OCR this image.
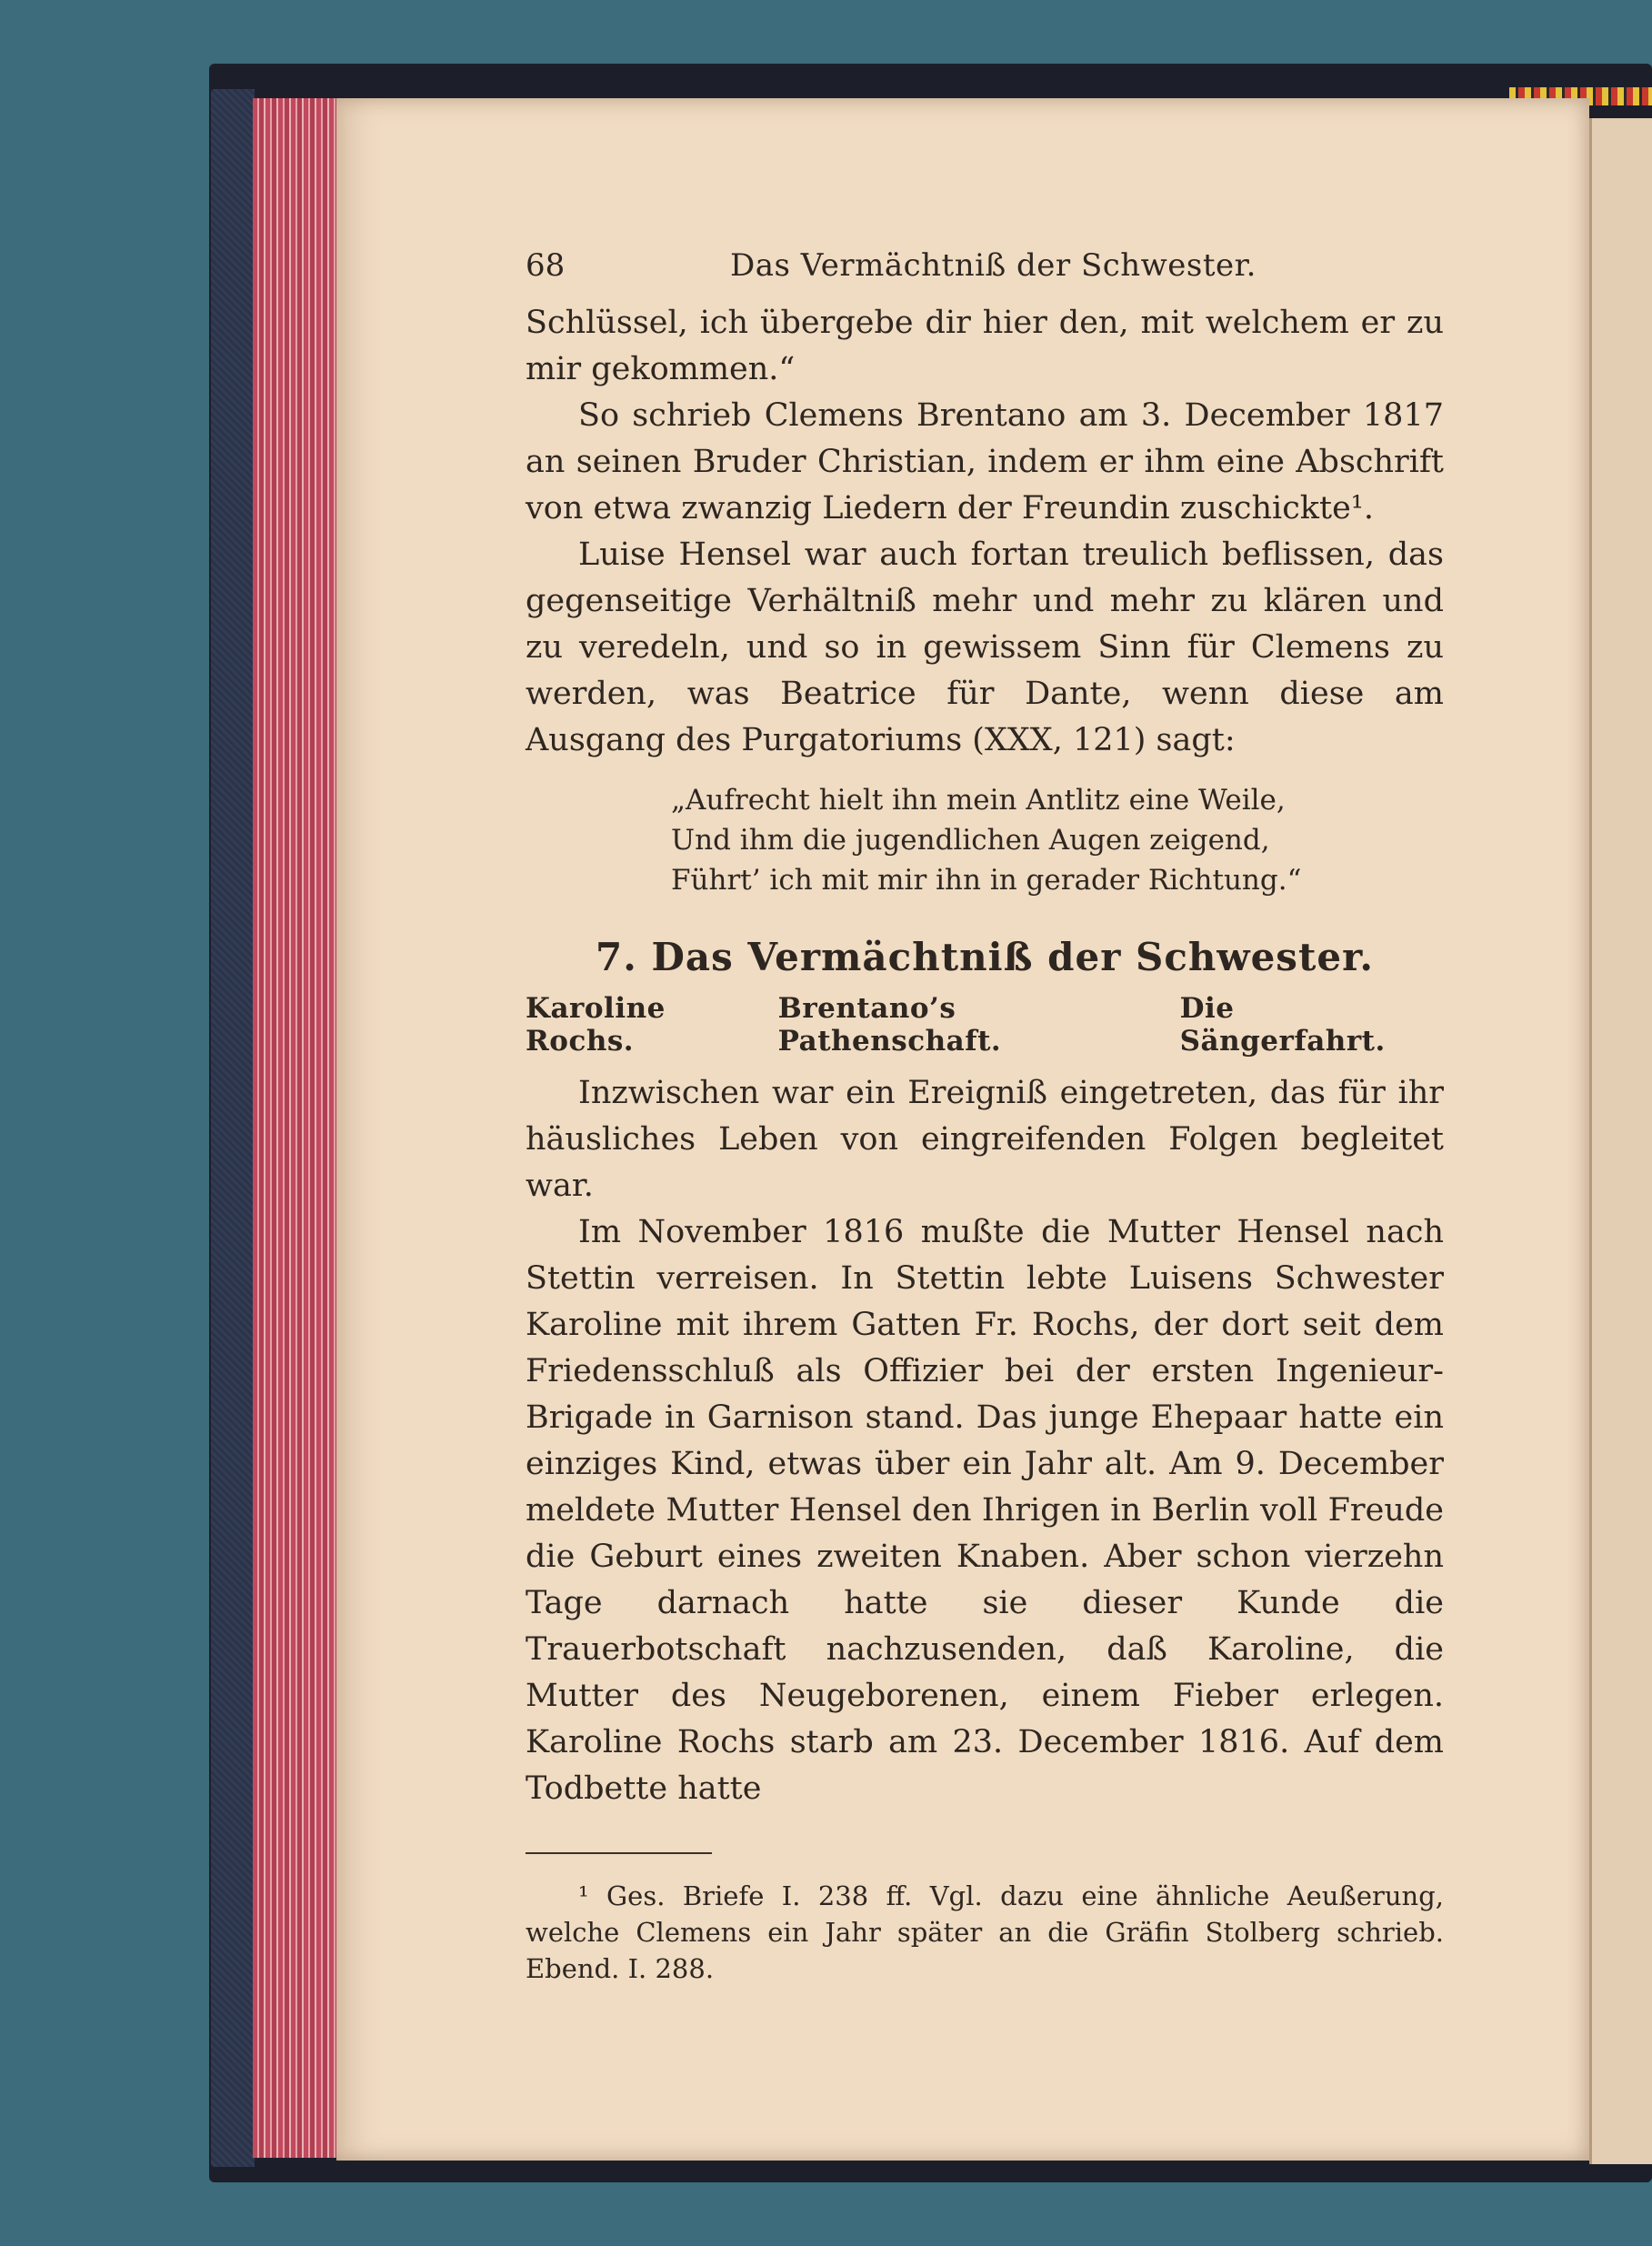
68	Das Vermächtniß der Schwester.

Schlüssel, ich übergebe dir hier den, mit welchem er zu mir gekommen.“

So schrieb Clemens Brentano am 3. December 1817 an seinen Bruder Christian, indem er ihm eine Abschrift von etwa zwanzig Liedern der Freundin zuschickte¹.

Luise Hensel war auch fortan treulich beflissen, das gegenseitige Verhältniß mehr und mehr zu klären und zu veredeln, und so in gewissem Sinn für Clemens zu werden, was Beatrice für Dante, wenn diese am Ausgang des Purgatoriums (XXX, 121) sagt:

„Aufrecht hielt ihn mein Antlitz eine Weile,
Und ihm die jugendlichen Augen zeigend,
Führt’ ich mit mir ihn in gerader Richtung.“
7. Das Vermächtniß der Schwester.
Karoline Rochs.
Brentano’s Pathenschaft.
Die Sängerfahrt.

Inzwischen war ein Ereigniß eingetreten, das für ihr häusliches Leben von eingreifenden Folgen begleitet war.

Im November 1816 mußte die Mutter Hensel nach Stettin verreisen. In Stettin lebte Luisens Schwester Karoline mit ihrem Gatten Fr. Rochs, der dort seit dem Friedensschluß als Offizier bei der ersten Ingenieur-Brigade in Garnison stand. Das junge Ehepaar hatte ein einziges Kind, etwas über ein Jahr alt. Am 9. December meldete Mutter Hensel den Ihrigen in Berlin voll Freude die Geburt eines zweiten Knaben. Aber schon vierzehn Tage darnach hatte sie dieser Kunde die Trauerbotschaft nachzusenden, daß Karoline, die Mutter des Neugeborenen, einem Fieber erlegen. Karoline Rochs starb am 23. December 1816. Auf dem Todbette hatte

¹ Ges. Briefe I. 238 ff. Vgl. dazu eine ähnliche Aeußerung, welche Clemens ein Jahr später an die Gräfin Stolberg schrieb. Ebend. I. 288.
